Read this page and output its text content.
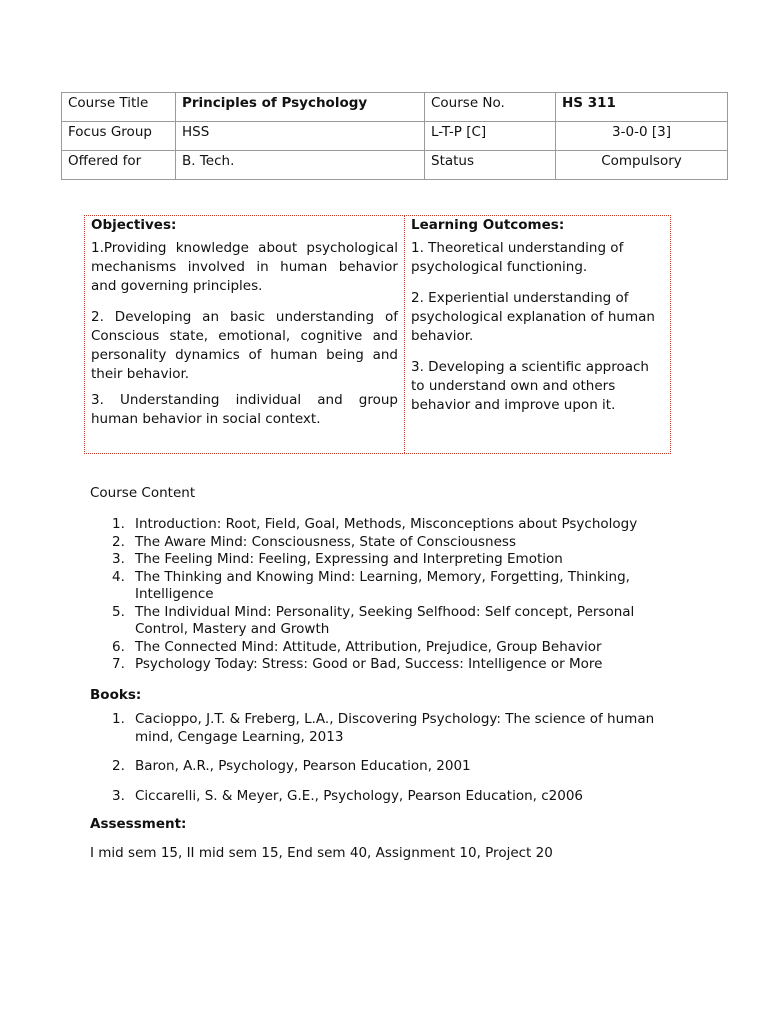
Course Title	Principles of Psychology	Course No.	HS 311
Focus Group	HSS	L-T-P [C]	3-0-0 [3]
Offered for	B. Tech.	Status	Compulsory
Objectives:

1.Providing knowledge about psychological mechanisms involved in human behavior and governing principles.

2. Developing an basic understanding of Conscious state, emotional, cognitive and personality dynamics of human being and their behavior.

3. Understanding individual and group human behavior in social context.

Learning Outcomes:

1. Theoretical understanding of psychological functioning.

2. Experiential understanding of psychological explanation of human behavior.

3. Developing a scientific approach to understand own and others behavior and improve upon it.

Course Content
1. Introduction: Root, Field, Goal, Methods, Misconceptions about Psychology
2. The Aware Mind: Consciousness, State of Consciousness
3. The Feeling Mind: Feeling, Expressing and Interpreting Emotion
4. The Thinking and Knowing Mind: Learning, Memory, Forgetting, Thinking, Intelligence
5. The Individual Mind: Personality, Seeking Selfhood: Self concept, Personal Control, Mastery and Growth
6. The Connected Mind: Attitude, Attribution, Prejudice, Group Behavior
7. Psychology Today: Stress: Good or Bad, Success: Intelligence or More
Books:
1. Cacioppo, J.T. & Freberg, L.A., Discovering Psychology: The science of human mind, Cengage Learning, 2013
2. Baron, A.R., Psychology, Pearson Education, 2001
3. Ciccarelli, S. & Meyer, G.E., Psychology, Pearson Education, c2006
Assessment:
I mid sem 15, II mid sem 15, End sem 40, Assignment 10, Project 20
